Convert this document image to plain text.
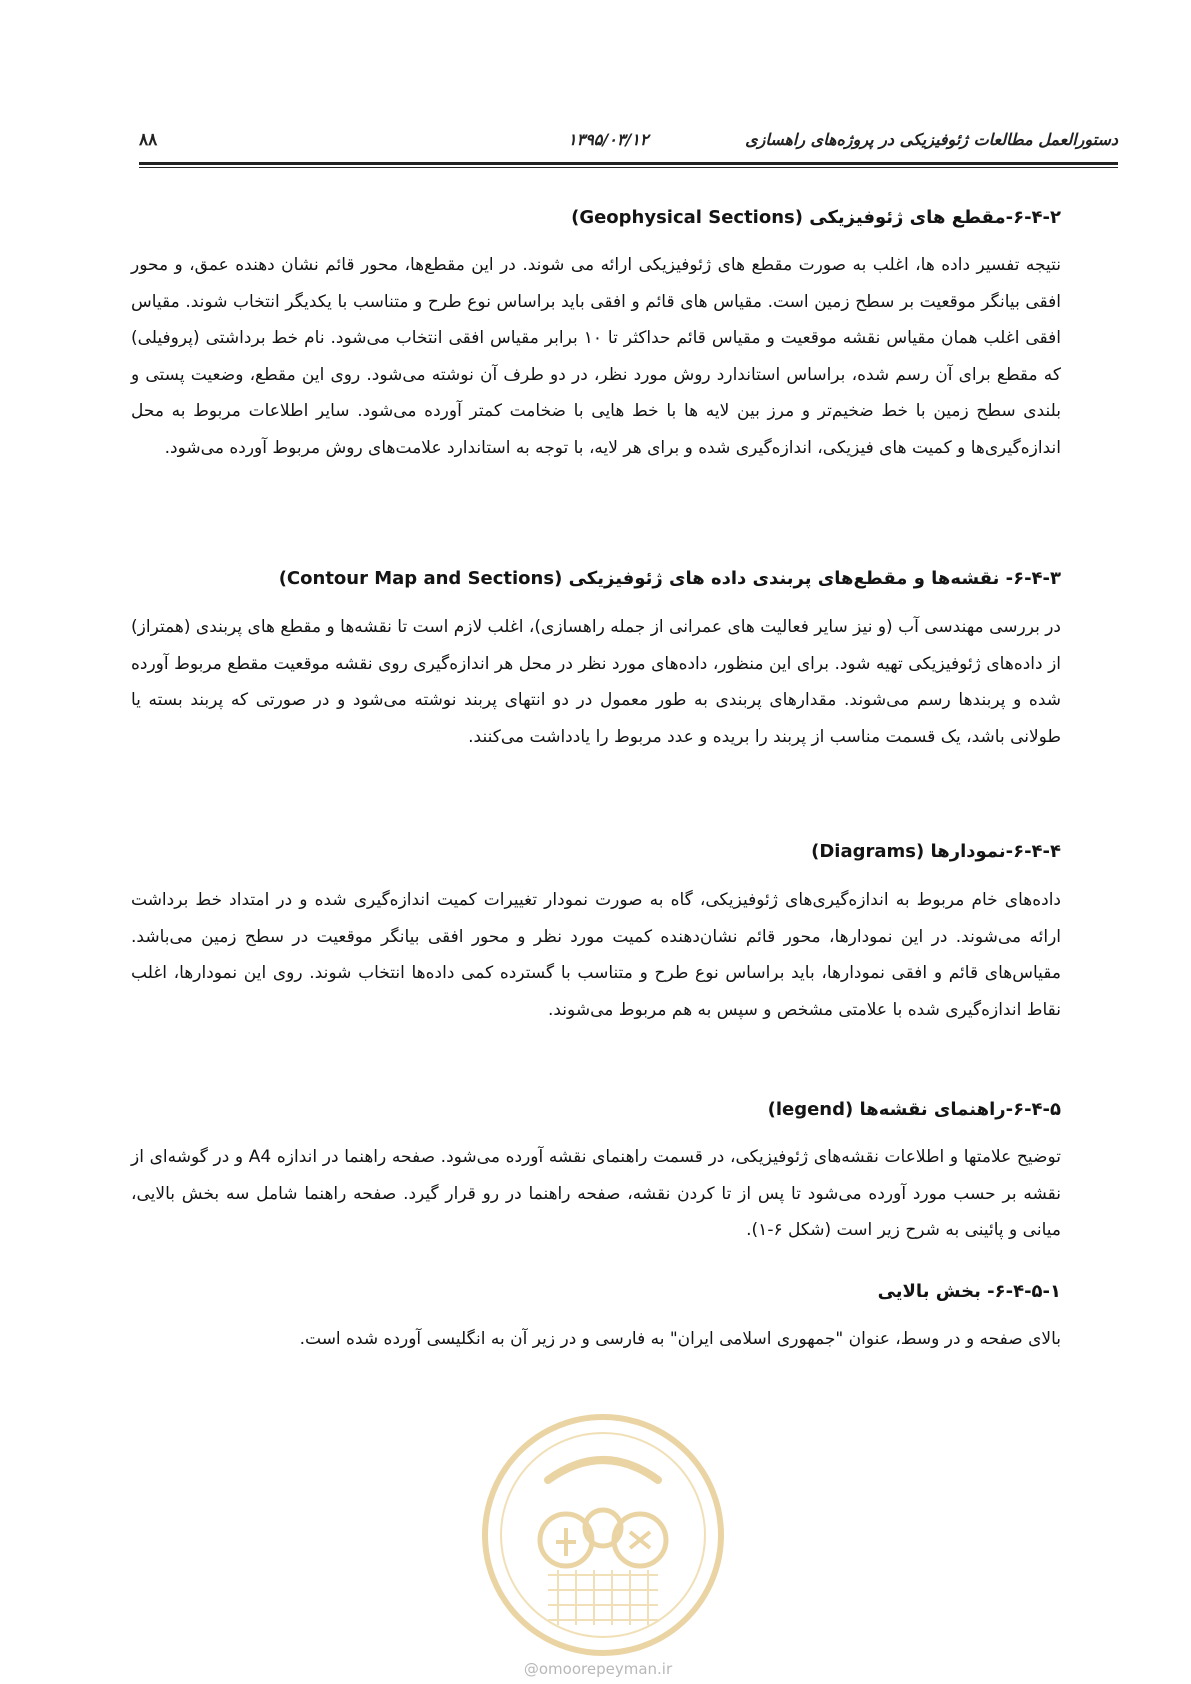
۸۸	۱۳۹۵/۰۳/۱۲	دستورالعمل مطالعات ژئوفیزیکی در پروژه‌های راهسازی
۶-۴-۲-مقطع های ژئوفیزیکی (Geophysical Sections)

نتیجه تفسیر داده ها، اغلب به صورت مقطع های ژئوفیزیکی ارائه می شوند. در این مقطع‌ها، محور قائم نشان دهنده عمق، و محور افقی بیانگر موقعیت بر سطح زمین است. مقیاس های قائم و افقی باید براساس نوع طرح و متناسب با یکدیگر انتخاب شوند. مقیاس افقی اغلب همان مقیاس نقشه موقعیت و مقیاس قائم حداکثر تا ۱۰ برابر مقیاس افقی انتخاب می‌شود. نام خط برداشتی (پروفیلی) که مقطع برای آن رسم شده، براساس استاندارد روش مورد نظر، در دو طرف آن نوشته می‌شود. روی این مقطع، وضعیت پستی و بلندی سطح زمین با خط ضخیم‌تر و مرز بین لایه ها با خط هایی با ضخامت کمتر آورده می‌شود. سایر اطلاعات مربوط به محل اندازه‌گیری‌ها و کمیت های فیزیکی، اندازه‌گیری شده و برای هر لایه، با توجه به استاندارد علامت‌های روش مربوط آورده می‌شود.

۶-۴-۳- نقشه‌ها و مقطع‌های پربندی داده های ژئوفیزیکی (Contour Map and Sections)

در بررسی مهندسی آب (و نیز سایر فعالیت های عمرانی از جمله راهسازی)، اغلب لازم است تا نقشه‌ها و مقطع های پربندی (همتراز) از داده‌های ژئوفیزیکی تهیه شود. برای این منظور، داده‌های مورد نظر در محل هر اندازه‌گیری روی نقشه موقعیت مقطع مربوط آورده شده و پربندها رسم می‌شوند. مقدارهای پربندی به طور معمول در دو انتهای پربند نوشته می‌شود و در صورتی که پربند بسته یا طولانی باشد، یک قسمت مناسب از پربند را بریده و عدد مربوط را یادداشت می‌کنند.

۶-۴-۴-نمودارها (Diagrams)

داده‌های خام مربوط به اندازه‌گیری‌های ژئوفیزیکی، گاه به صورت نمودار تغییرات کمیت اندازه‌گیری شده و در امتداد خط برداشت ارائه می‌شوند. در این نمودارها، محور قائم نشان‌دهنده کمیت مورد نظر و محور افقی بیانگر موقعیت در سطح زمین می‌باشد. مقیاس‌های قائم و افقی نمودارها، باید براساس نوع طرح و متناسب با گسترده کمی داده‌ها انتخاب شوند. روی این نمودارها، اغلب نقاط اندازه‌گیری شده با علامتی مشخص و سپس به هم مربوط می‌شوند.

۶-۴-۵-راهنمای نقشه‌ها (legend)

توضیح علامتها و اطلاعات نقشه‌های ژئوفیزیکی، در قسمت راهنمای نقشه آورده می‌شود. صفحه راهنما در اندازه A4 و در گوشه‌ای از نقشه بر حسب مورد آورده می‌شود تا پس از تا کردن نقشه، صفحه راهنما در رو قرار گیرد. صفحه راهنما شامل سه بخش بالایی، میانی و پائینی به شرح زیر است (شکل ۶-۱).

۶-۴-۵-۱- بخش بالایی

بالای صفحه و در وسط، عنوان "جمهوری اسلامی ایران" به فارسی و در زیر آن به انگلیسی آورده شده است.

@omoorepeyman.ir
